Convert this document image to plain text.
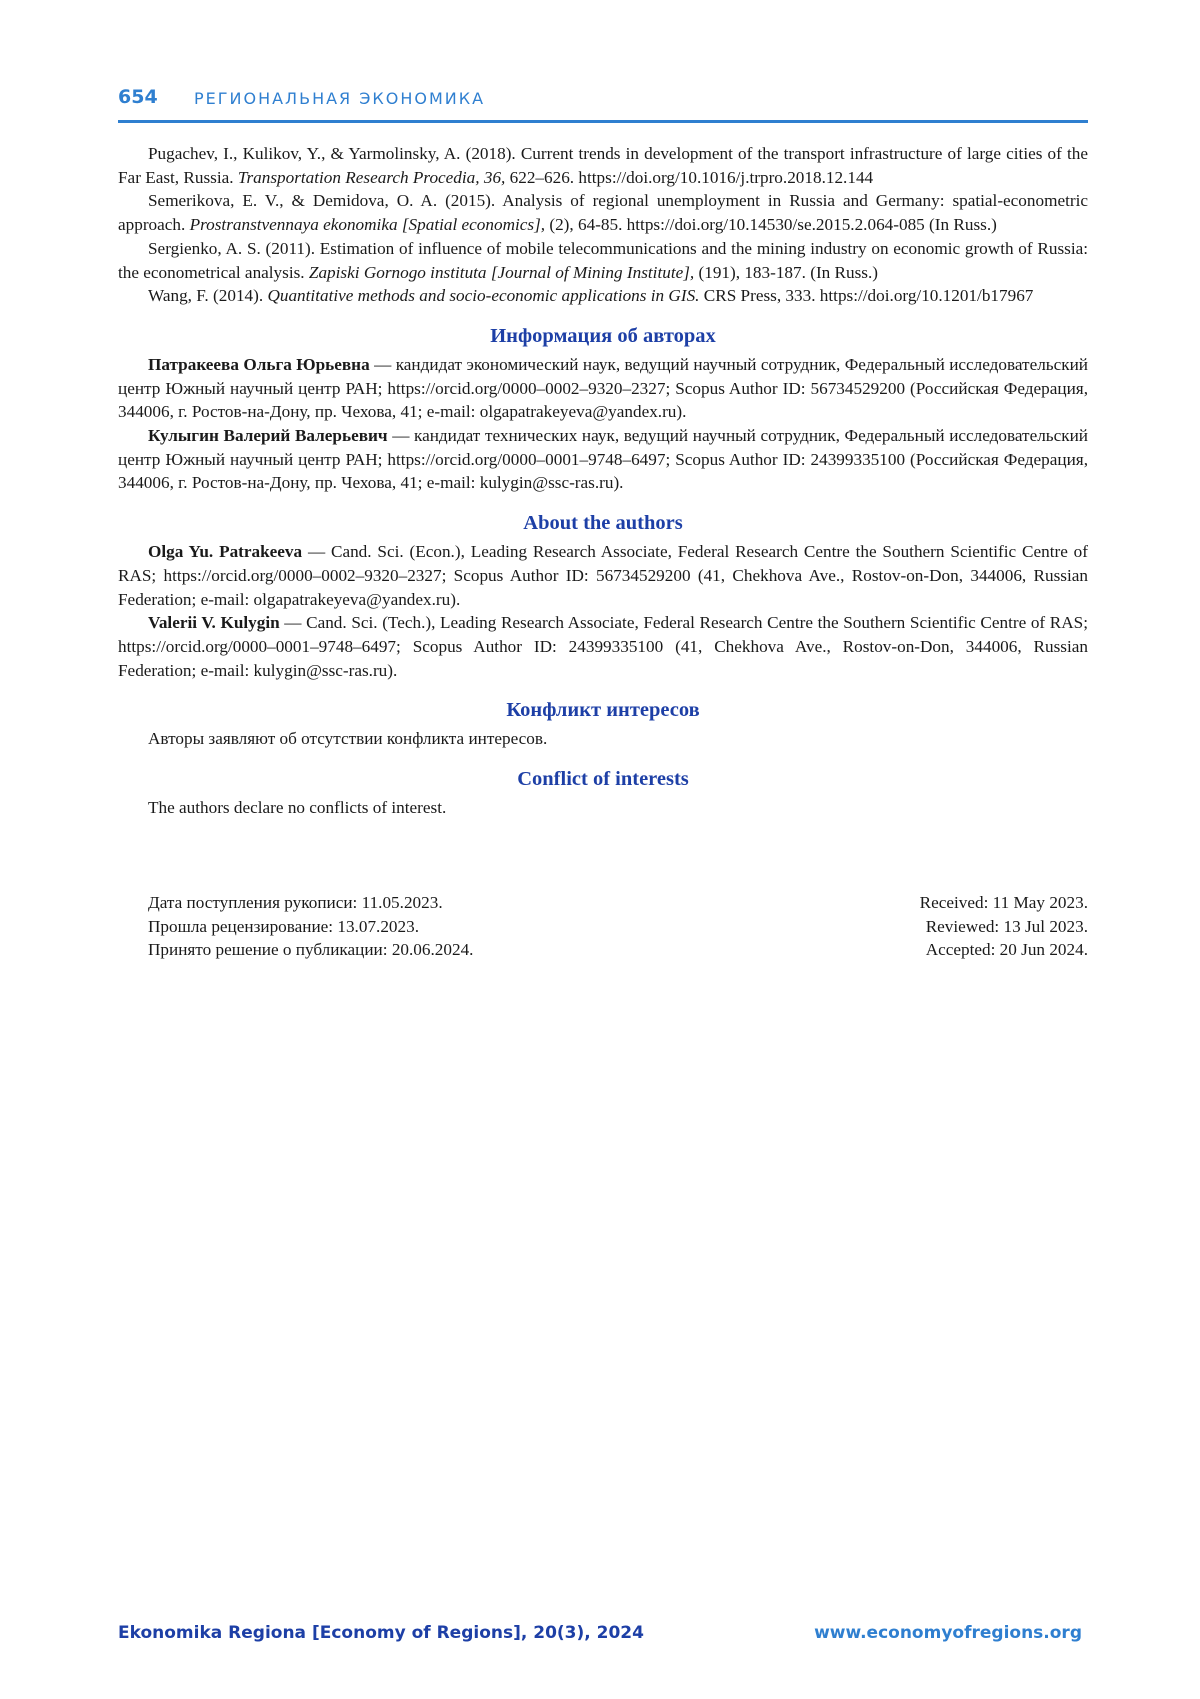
654 РЕГИОНАЛЬНАЯ ЭКОНОМИКА

Pugachev, I., Kulikov, Y., & Yarmolinsky, A. (2018). Current trends in development of the transport infrastructure of large cities of the Far East, Russia. Transportation Research Procedia, 36, 622–626. https://doi.org/10.1016/j.trpro.2018.12.144

Semerikova, E. V., & Demidova, O. A. (2015). Analysis of regional unemployment in Russia and Germany: spatial-econometric approach. Prostranstvennaya ekonomika [Spatial economics], (2), 64-85. https://doi.org/10.14530/se.2015.2.064-085 (In Russ.)

Sergienko, A. S. (2011). Estimation of influence of mobile telecommunications and the mining industry on economic growth of Russia: the econometrical analysis. Zapiski Gornogo instituta [Journal of Mining Institute], (191), 183-187. (In Russ.)

Wang, F. (2014). Quantitative methods and socio-economic applications in GIS. CRS Press, 333. https://doi.org/10.1201/b17967

Информация об авторах

Патракеева Ольга Юрьевна — кандидат экономический наук, ведущий научный сотрудник, Федеральный исследовательский центр Южный научный центр РАН; https://orcid.org/0000–0002–9320–2327; Scopus Author ID: 56734529200 (Российская Федерация, 344006, г. Ростов-на-Дону, пр. Чехова, 41; e-mail: olgapatrakeyeva@yandex.ru).

Кулыгин Валерий Валерьевич — кандидат технических наук, ведущий научный сотрудник, Федеральный исследовательский центр Южный научный центр РАН; https://orcid.org/0000–0001–9748–6497; Scopus Author ID: 24399335100 (Российская Федерация, 344006, г. Ростов-на-Дону, пр. Чехова, 41; e-mail: kulygin@ssc-ras.ru).

About the authors

Olga Yu. Patrakeeva — Cand. Sci. (Econ.), Leading Research Associate, Federal Research Centre the Southern Scientific Centre of RAS; https://orcid.org/0000–0002–9320–2327; Scopus Author ID: 56734529200 (41, Chekhova Ave., Rostov-on-Don, 344006, Russian Federation; e-mail: olgapatrakeyeva@yandex.ru).

Valerii V. Kulygin — Cand. Sci. (Tech.), Leading Research Associate, Federal Research Centre the Southern Scientific Centre of RAS; https://orcid.org/0000–0001–9748–6497; Scopus Author ID: 24399335100 (41, Chekhova Ave., Rostov-on-Don, 344006, Russian Federation; e-mail: kulygin@ssc-ras.ru).

Конфликт интересов

Авторы заявляют об отсутствии конфликта интересов.

Conflict of interests

The authors declare no conflicts of interest.

Дата поступления рукописи: 11.05.2023.
Прошла рецензирование: 13.07.2023.
Принято решение о публикации: 20.06.2024.
Received: 11 May 2023.
Reviewed: 13 Jul 2023.
Accepted: 20 Jun 2024.
Ekonomika Regiona [Economy of Regions], 20(3), 2024	www.economyofregions.org
